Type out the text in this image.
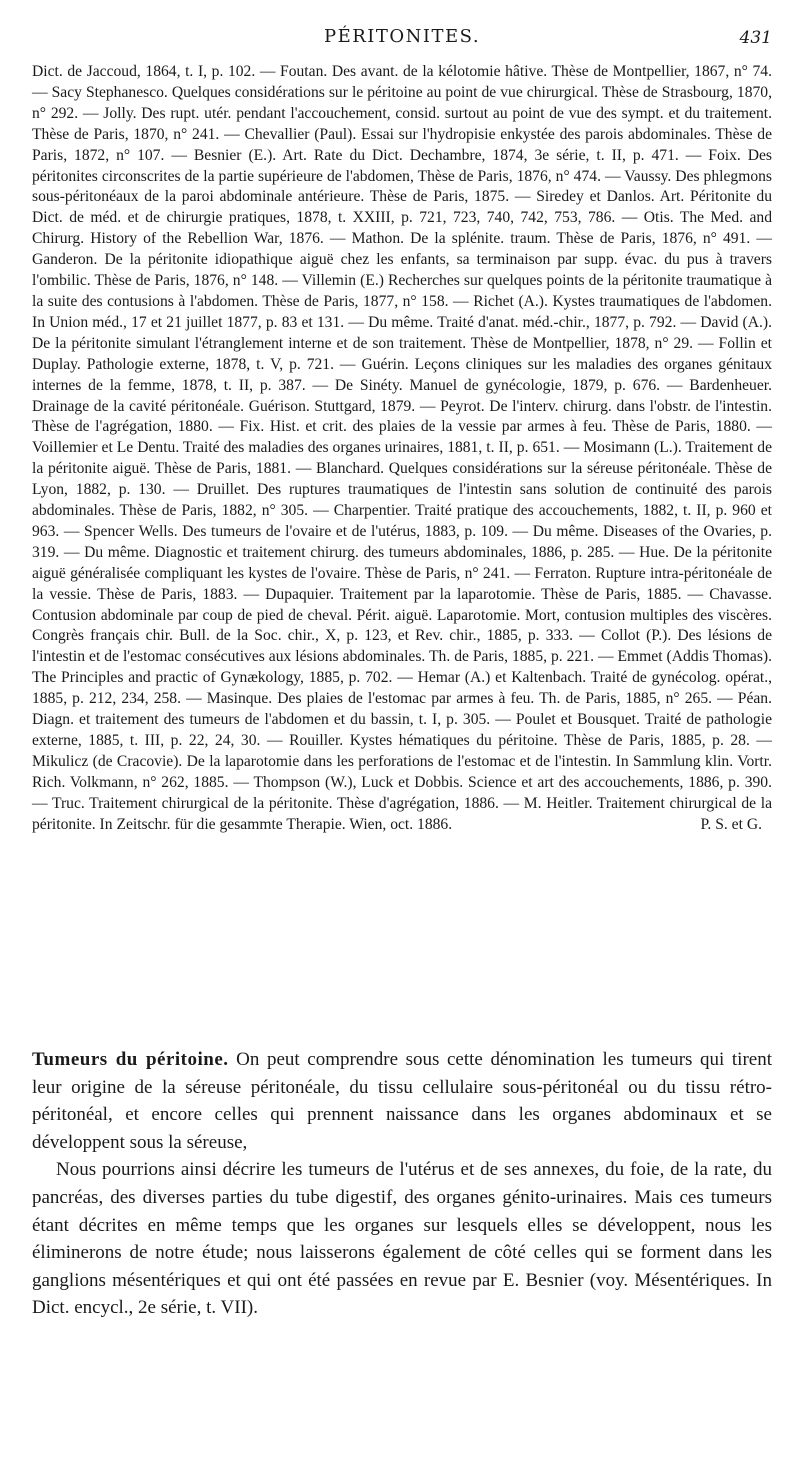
PÉRITONITES.	431

Dict. de Jaccoud, 1864, t. I, p. 102. — Foutan. Des avant. de la kélotomie hâtive. Thèse de Montpellier, 1867, n° 74. — Sacy Stephanesco. Quelques considérations sur le péritoine au point de vue chirurgical. Thèse de Strasbourg, 1870, n° 292. — Jolly. Des rupt. utér. pendant l'accouchement, consid. surtout au point de vue des sympt. et du traitement. Thèse de Paris, 1870, n° 241. — Chevallier (Paul). Essai sur l'hydropisie enkystée des parois abdominales. Thèse de Paris, 1872, n° 107. — Besnier (E.). Art. Rate du Dict. Dechambre, 1874, 3e série, t. II, p. 471. — Foix. Des péritonites circonscrites de la partie supérieure de l'abdomen, Thèse de Paris, 1876, n° 474. — Vaussy. Des phlegmons sous-péritonéaux de la paroi abdominale antérieure. Thèse de Paris, 1875. — Siredey et Danlos. Art. Péritonite du Dict. de méd. et de chirurgie pratiques, 1878, t. XXIII, p. 721, 723, 740, 742, 753, 786. — Otis. The Med. and Chirurg. History of the Rebellion War, 1876. — Mathon. De la splénite. traum. Thèse de Paris, 1876, n° 491. — Ganderon. De la péritonite idiopathique aiguë chez les enfants, sa terminaison par supp. évac. du pus à travers l'ombilic. Thèse de Paris, 1876, n° 148. — Villemin (E.) Recherches sur quelques points de la péritonite traumatique à la suite des contusions à l'abdomen. Thèse de Paris, 1877, n° 158. — Richet (A.). Kystes traumatiques de l'abdomen. In Union méd., 17 et 21 juillet 1877, p. 83 et 131. — Du même. Traité d'anat. méd.-chir., 1877, p. 792. — David (A.). De la péritonite simulant l'étranglement interne et de son traitement. Thèse de Montpellier, 1878, n° 29. — Follin et Duplay. Pathologie externe, 1878, t. V, p. 721. — Guérin. Leçons cliniques sur les maladies des organes génitaux internes de la femme, 1878, t. II, p. 387. — De Sinéty. Manuel de gynécologie, 1879, p. 676. — Bardenheuer. Drainage de la cavité péritonéale. Guérison. Stuttgard, 1879. — Peyrot. De l'interv. chirurg. dans l'obstr. de l'intestin. Thèse de l'agrégation, 1880. — Fix. Hist. et crit. des plaies de la vessie par armes à feu. Thèse de Paris, 1880. — Voillemier et Le Dentu. Traité des maladies des organes urinaires, 1881, t. II, p. 651. — Mosimann (L.). Traitement de la péritonite aiguë. Thèse de Paris, 1881. — Blanchard. Quelques considérations sur la séreuse péritonéale. Thèse de Lyon, 1882, p. 130. — Druillet. Des ruptures traumatiques de l'intestin sans solution de continuité des parois abdominales. Thèse de Paris, 1882, n° 305. — Charpentier. Traité pratique des accouchements, 1882, t. II, p. 960 et 963. — Spencer Wells. Des tumeurs de l'ovaire et de l'utérus, 1883, p. 109. — Du même. Diseases of the Ovaries, p. 319. — Du même. Diagnostic et traitement chirurg. des tumeurs abdominales, 1886, p. 285. — Hue. De la péritonite aiguë généralisée compliquant les kystes de l'ovaire. Thèse de Paris, n° 241. — Ferraton. Rupture intra-péritonéale de la vessie. Thèse de Paris, 1883. — Dupaquier. Traitement par la laparotomie. Thèse de Paris, 1885. — Chavasse. Contusion abdominale par coup de pied de cheval. Périt. aiguë. Laparotomie. Mort, contusion multiples des viscères. Congrès français chir. Bull. de la Soc. chir., X, p. 123, et Rev. chir., 1885, p. 333. — Collot (P.). Des lésions de l'intestin et de l'estomac consécutives aux lésions abdominales. Th. de Paris, 1885, p. 221. — Emmet (Addis Thomas). The Principles and practic of Gynækology, 1885, p. 702. — Hemar (A.) et Kaltenbach. Traité de gynécolog. opérat., 1885, p. 212, 234, 258. — Masinque. Des plaies de l'estomac par armes à feu. Th. de Paris, 1885, n° 265. — Péan. Diagn. et traitement des tumeurs de l'abdomen et du bassin, t. I, p. 305. — Poulet et Bousquet. Traité de pathologie externe, 1885, t. III, p. 22, 24, 30. — Rouiller. Kystes hématiques du péritoine. Thèse de Paris, 1885, p. 28. — Mikulicz (de Cracovie). De la laparotomie dans les perforations de l'estomac et de l'intestin. In Sammlung klin. Vortr. Rich. Volkmann, n° 262, 1885. — Thompson (W.), Luck et Dobbis. Science et art des accouchements, 1886, p. 390. — Truc. Traitement chirurgical de la péritonite. Thèse d'agrégation, 1886. — M. Heitler. Traitement chirurgical de la péritonite. In Zeitschr. für die gesammte Therapie. Wien, oct. 1886.	P. S. et G.

Tumeurs du péritoine. On peut comprendre sous cette dénomination les tumeurs qui tirent leur origine de la séreuse péritonéale, du tissu cellulaire sous-péritonéal ou du tissu rétro-péritonéal, et encore celles qui prennent naissance dans les organes abdominaux et se développent sous la séreuse,

Nous pourrions ainsi décrire les tumeurs de l'utérus et de ses annexes, du foie, de la rate, du pancréas, des diverses parties du tube digestif, des organes génito-urinaires. Mais ces tumeurs étant décrites en même temps que les organes sur lesquels elles se développent, nous les éliminerons de notre étude; nous laisserons également de côté celles qui se forment dans les ganglions mésentériques et qui ont été passées en revue par E. Besnier (voy. Mésentériques. In Dict. encycl., 2e série, t. VII).
